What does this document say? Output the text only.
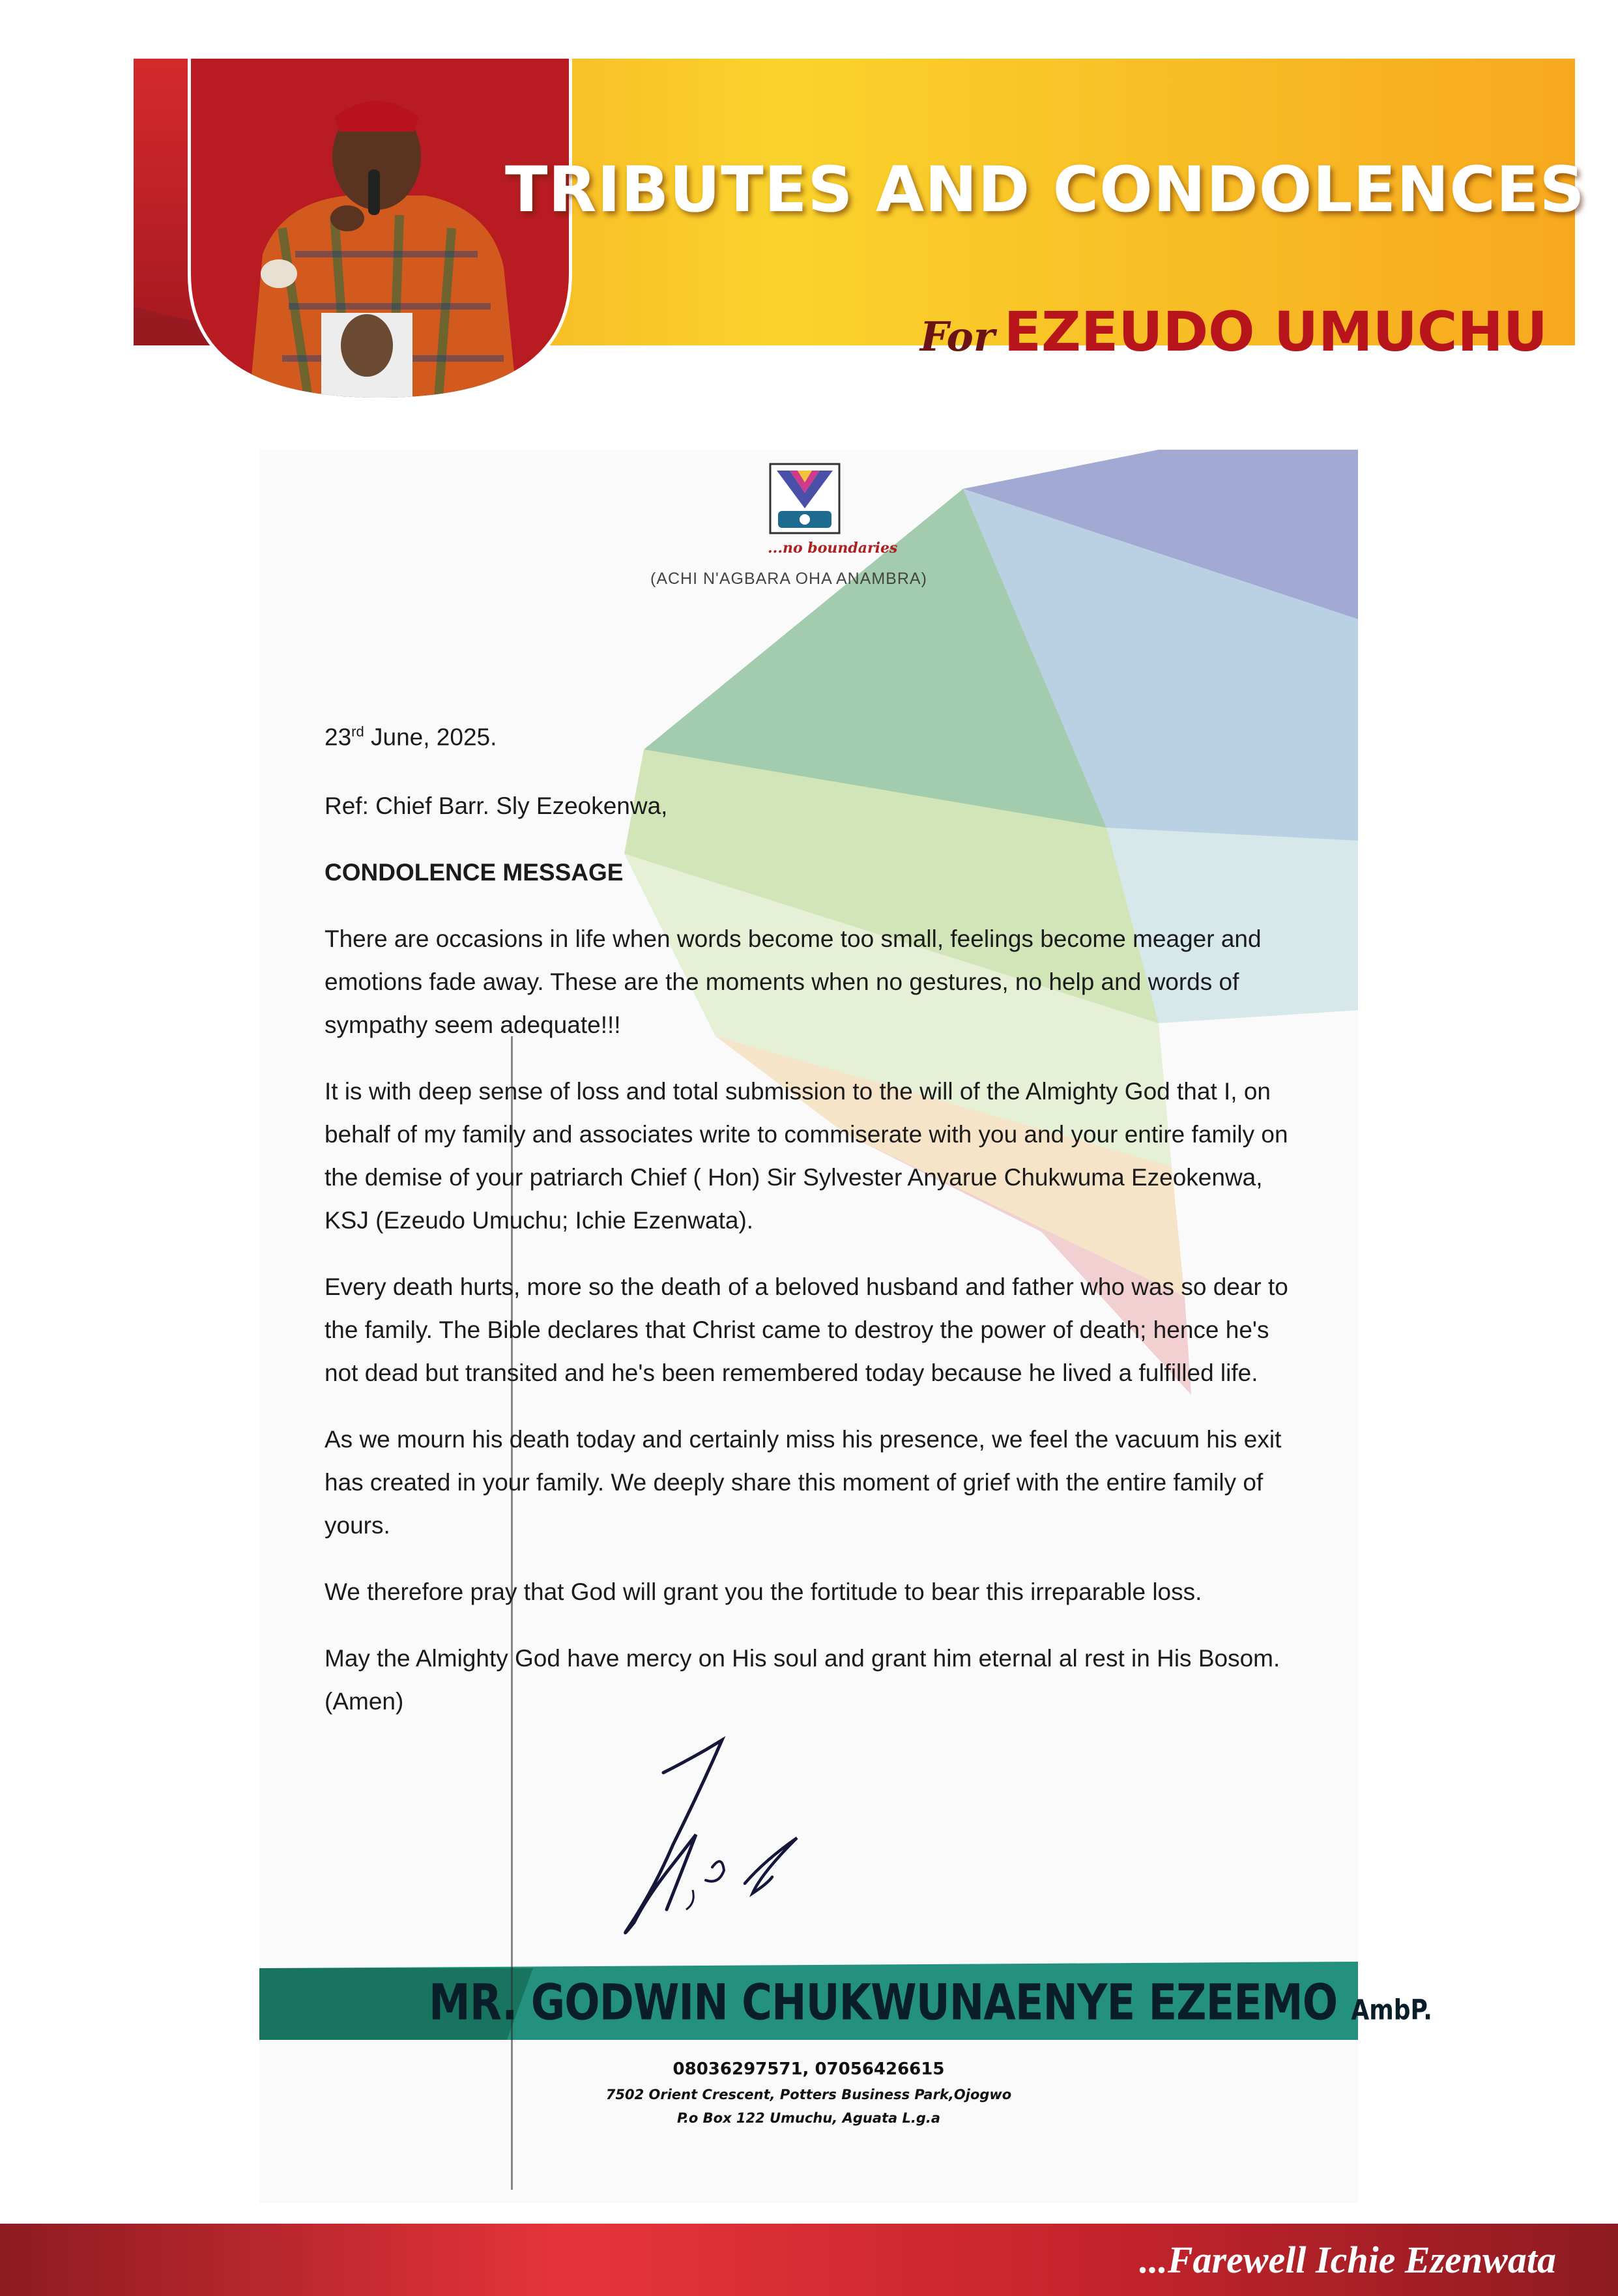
TRIBUTES AND CONDOLENCES
For EZEUDO UMUCHU
...no boundaries
(ACHI N'AGBARA OHA ANAMBRA)

23rd June, 2025.

Ref: Chief Barr. Sly Ezeokenwa,

CONDOLENCE MESSAGE

There are occasions in life when words become too small, feelings become meager and emotions fade away. These are the moments when no gestures, no help and words of sympathy seem adequate!!!

It is with deep sense of loss and total submission to the will of the Almighty God that I, on behalf of my family and associates write to commiserate with you and your entire family on the demise of your patriarch Chief ( Hon) Sir Sylvester Anyarue Chukwuma Ezeokenwa, KSJ (Ezeudo Umuchu; Ichie Ezenwata).

Every death hurts, more so the death of a beloved husband and father who was so dear to the family. The Bible declares that Christ came to destroy the power of death; hence he's not dead but transited and he's been remembered today because he lived a fulfilled life.

As we mourn his death today and certainly miss his presence, we feel the vacuum his exit has created in your family. We deeply share this moment of grief with the entire family of yours.

We therefore pray that God will grant you the fortitude to bear this irreparable loss.

May the Almighty God have mercy on His soul and grant him eternal al rest in His Bosom. (Amen)

MR. GODWIN CHUKWUNAENYE EZEEMO AmbP.
08036297571, 07056426615
7502 Orient Crescent, Potters Business Park,Ojogwo
P.o Box 122 Umuchu, Aguata L.g.a
...Farewell Ichie Ezenwata
